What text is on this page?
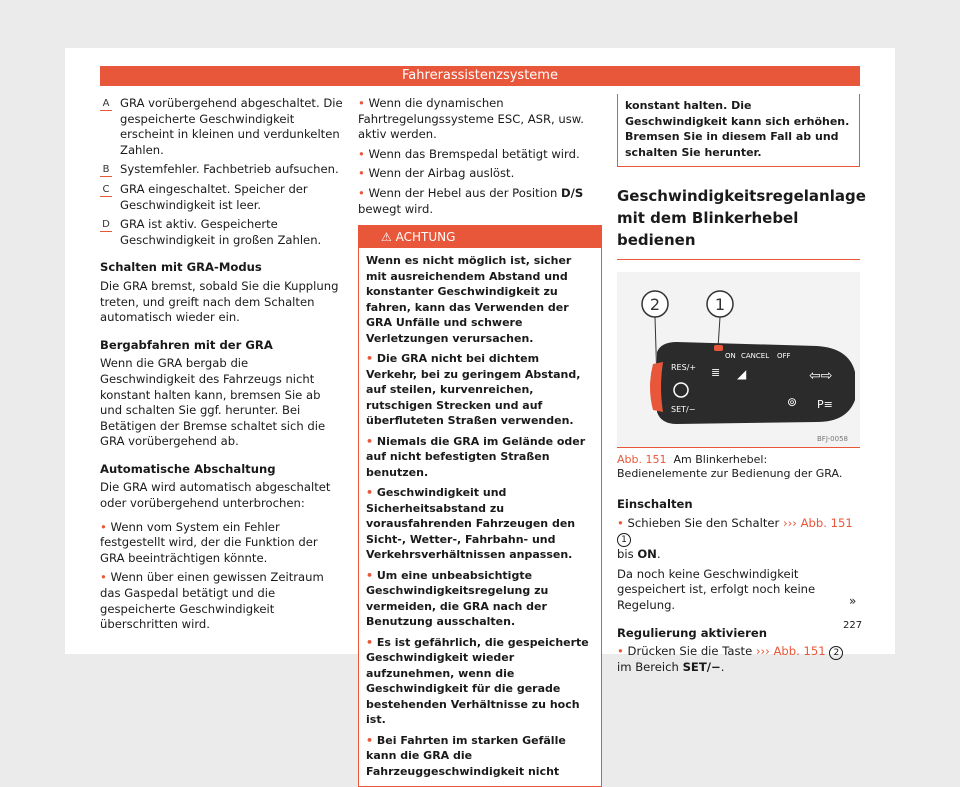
Fahrerassistenzsysteme
A GRA vorübergehend abgeschaltet. Die gespeicherte Geschwindigkeit erscheint in kleinen und verdunkelten Zahlen.
B Systemfehler. Fachbetrieb aufsuchen.
C GRA eingeschaltet. Speicher der Geschwindigkeit ist leer.
D GRA ist aktiv. Gespeicherte Geschwindigkeit in großen Zahlen.
Schalten mit GRA-Modus

Die GRA bremst, sobald Sie die Kupplung treten, und greift nach dem Schalten automatisch wieder ein.

Bergabfahren mit der GRA

Wenn die GRA bergab die Geschwindigkeit des Fahrzeugs nicht konstant halten kann, bremsen Sie ab und schalten Sie ggf. herunter. Bei Betätigen der Bremse schaltet sich die GRA vorübergehend ab.

Automatische Abschaltung

Die GRA wird automatisch abgeschaltet oder vorübergehend unterbrochen:

• Wenn vom System ein Fehler festgestellt wird, der die Funktion der GRA beeinträchtigen könnte.

• Wenn über einen gewissen Zeitraum das Gaspedal betätigt und die gespeicherte Geschwindigkeit überschritten wird.

• Wenn die dynamischen Fahrtregelungssysteme ESC, ASR, usw. aktiv werden.

• Wenn das Bremspedal betätigt wird.

• Wenn der Airbag auslöst.

• Wenn der Hebel aus der Position D/S bewegt wird.

⚠ ACHTUNG

Wenn es nicht möglich ist, sicher mit ausreichendem Abstand und konstanter Geschwindigkeit zu fahren, kann das Verwenden der GRA Unfälle und schwere Verletzungen verursachen.

• Die GRA nicht bei dichtem Verkehr, bei zu geringem Abstand, auf steilen, kurvenreichen, rutschigen Strecken und auf überfluteten Straßen verwenden.

• Niemals die GRA im Gelände oder auf nicht befestigten Straßen benutzen.

• Geschwindigkeit und Sicherheitsabstand zu vorausfahrenden Fahrzeugen den Sicht-, Wetter-, Fahrbahn- und Verkehrsverhältnissen anpassen.

• Um eine unbeabsichtigte Geschwindigkeitsregelung zu vermeiden, die GRA nach der Benutzung ausschalten.

• Es ist gefährlich, die gespeicherte Geschwindigkeit wieder aufzunehmen, wenn die Geschwindigkeit für die gerade bestehenden Verhältnisse zu hoch ist.

• Bei Fahrten im starken Gefälle kann die GRA die Fahrzeuggeschwindigkeit nicht

konstant halten. Die Geschwindigkeit kann sich erhöhen. Bremsen Sie in diesem Fall ab und schalten Sie herunter.
Geschwindigkeitsregelanlage mit dem Blinkerhebel bedienen
2	1
ON CANCEL OFF
RES/+
SET/−
≣ ◢
⊚
⇦⇨
P≡
BFJ-0058
Abb. 151 Am Blinkerhebel: Bedienelemente zur Bedienung der GRA.
Einschalten

• Schieben Sie den Schalter ››› Abb. 151 1
bis ON.

Da noch keine Geschwindigkeit gespeichert ist, erfolgt noch keine Regelung.

Regulierung aktivieren

• Drücken Sie die Taste ››› Abb. 151 2 im Bereich SET/−.

»
227
